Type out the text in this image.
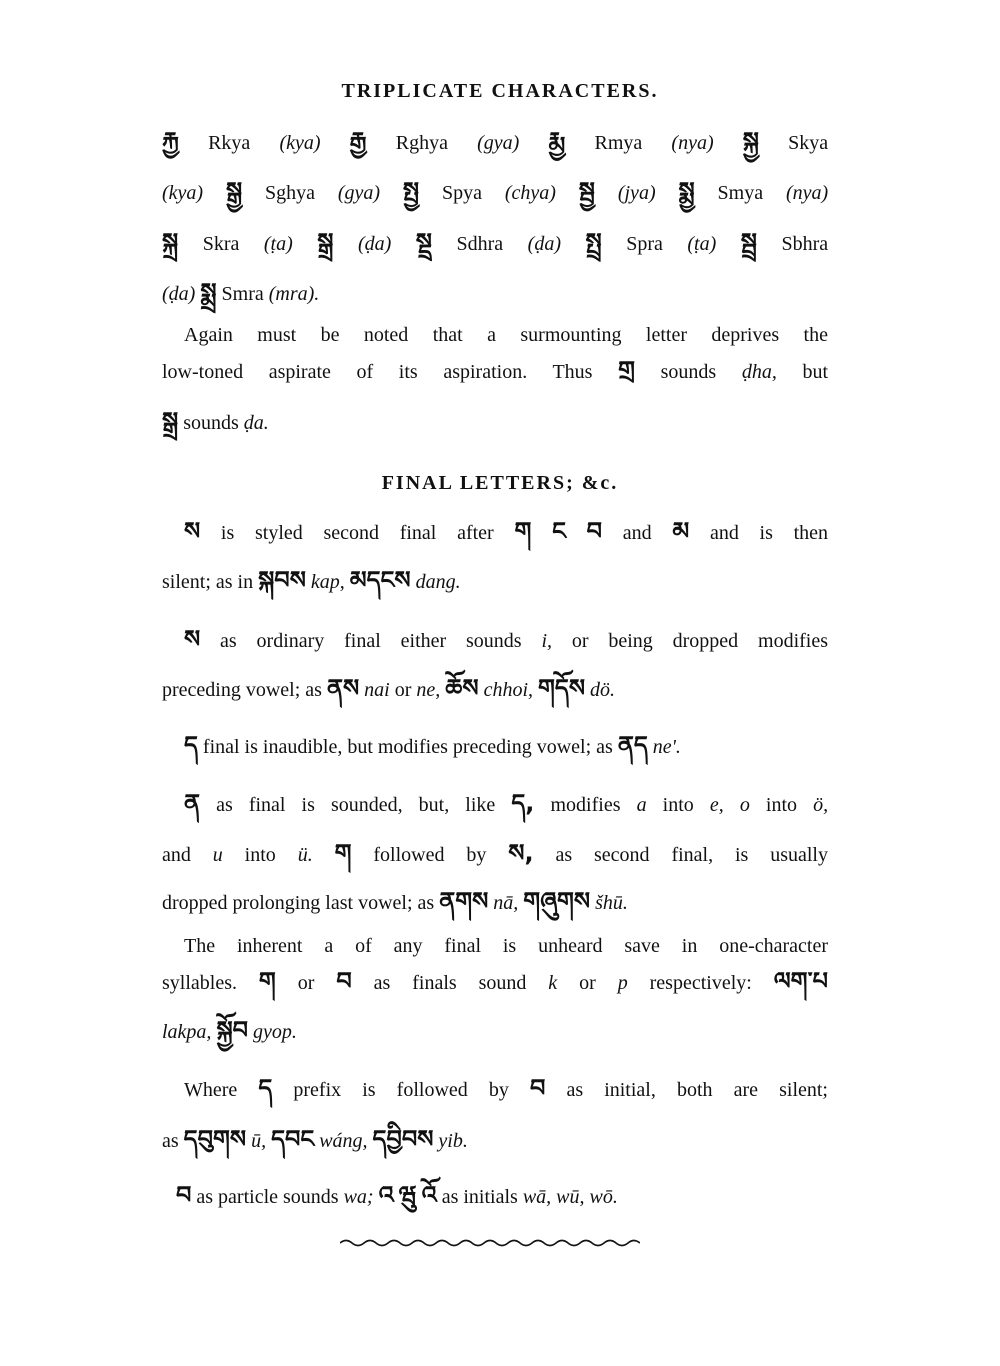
TRIPLICATE CHARACTERS.
རྐྱ Rkya (kya) རྒྱ Rghya (gya) རྨྱ Rmya (nya) སྐྱ Skya
(kya) སྒྱ Sghya (gya) སྤྱ Spya (chya) སྦྱ (jya) སྨྱ Smya (nya)
སྐྲ Skra (ṭa) སྒྲ (ḍa) སྡྲ Sdhra (ḍa) སྤྲ Spra (ṭa) སྦྲ Sbhra
(ḍa) སྨྲ Smra (mra).
Again must be noted that a surmounting letter deprives the
low-toned aspirate of its aspiration. Thus གྲ sounds ḍha, but
སྒྲ sounds ḍa.
FINAL LETTERS; &c.
ས is styled second final after ག ང བ and མ and is then
silent; as in སྐབས kap, མདངས dang.
ས as ordinary final either sounds i, or being dropped modifies
preceding vowel; as ནས nai or ne, ཆོས chhoi, གདོས dö.
ད final is inaudible, but modifies preceding vowel; as ནད ne'.
ན as final is sounded, but, like ད, modifies a into e, o into ö,
and u into ü. ག followed by ས, as second final, is usually
dropped prolonging last vowel; as ནགས nā, གཞུགས šhū.
The inherent a of any final is unheard save in one-character
syllables. ག or བ as finals sound k or p respectively: ལག་པ
lakpa, སྐྱོབ gyop.
Where ད prefix is followed by བ as initial, both are silent;
as དབུགས ū, དབང wáng, དབྱིབས yib.
བ as particle sounds wa; འ ཝུ འོ as initials wā, wū, wō.
